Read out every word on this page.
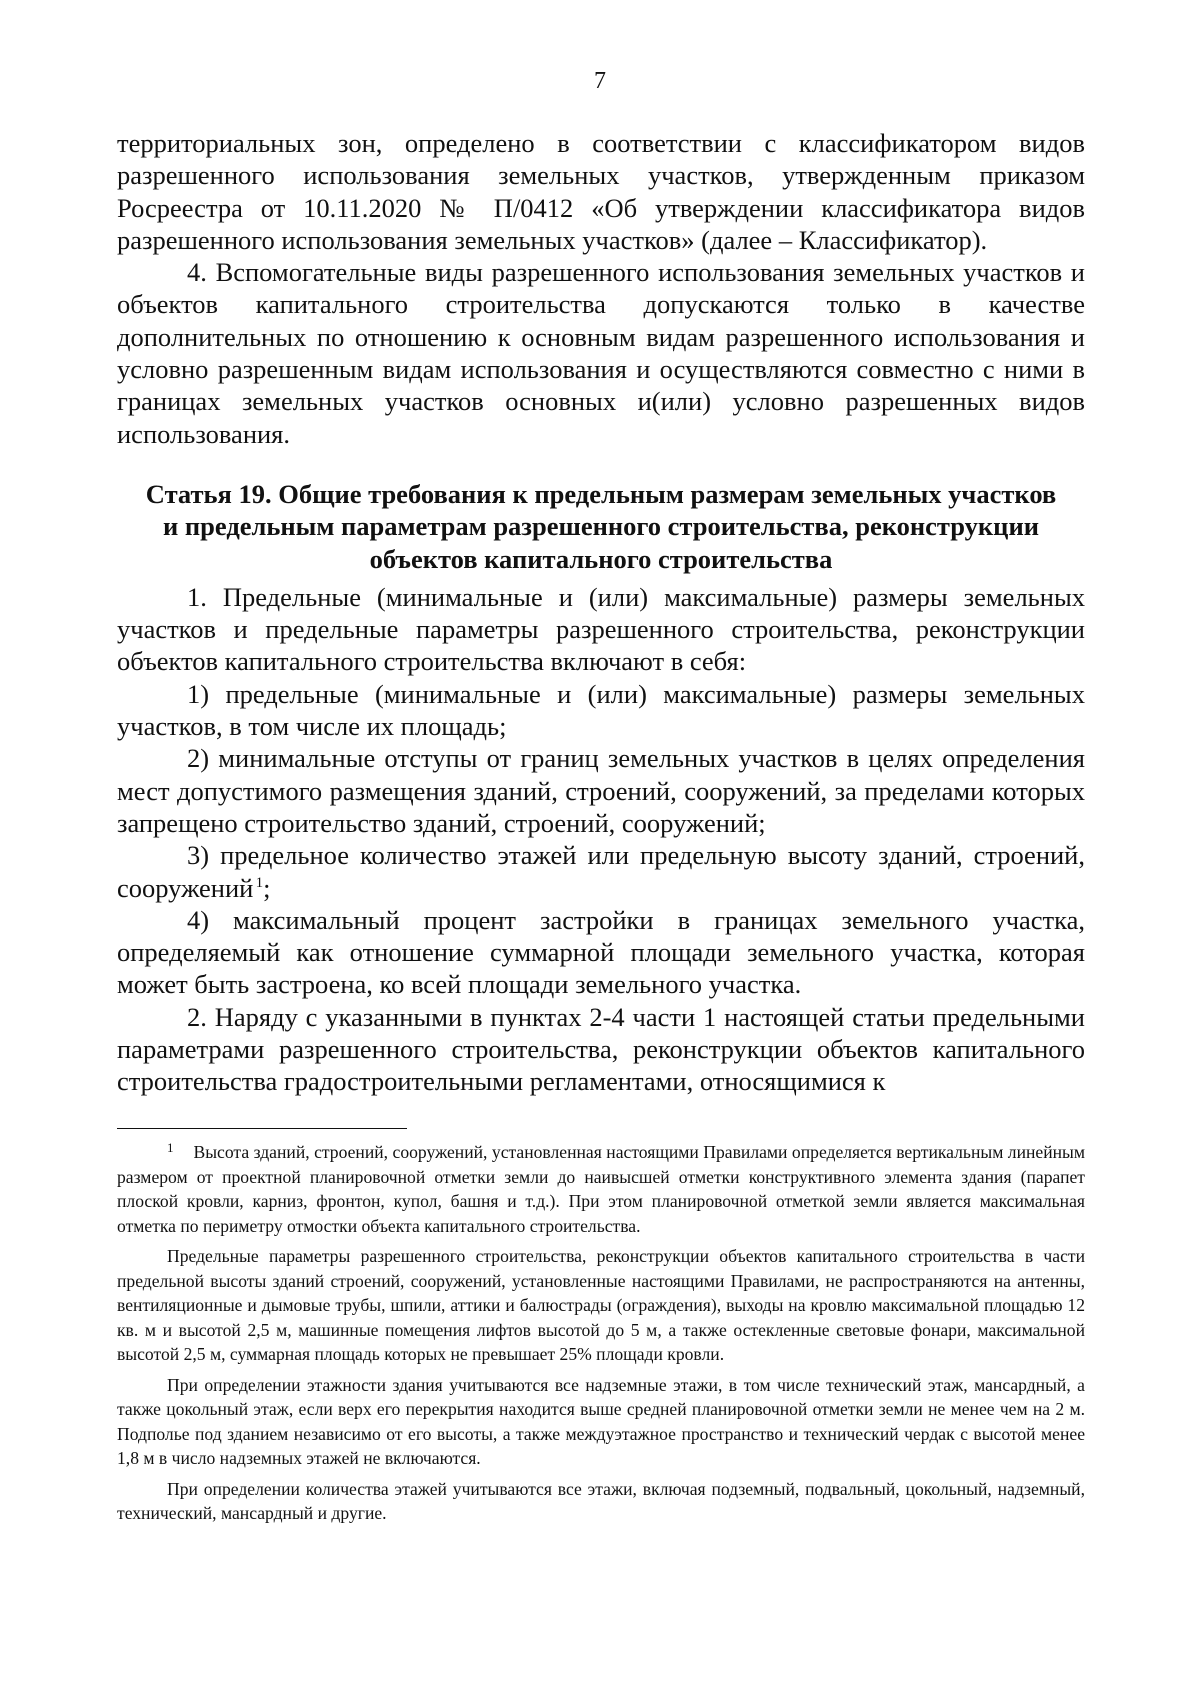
7

территориальных зон, определено в соответствии с классификатором видов разрешенного использования земельных участков, утвержденным приказом Росреестра от 10.11.2020 № П/0412 «Об утверждении классификатора видов разрешенного использования земельных участков» (далее – Классификатор).

4. Вспомогательные виды разрешенного использования земельных участков и объектов капитального строительства допускаются только в качестве дополнительных по отношению к основным видам разрешенного использования и условно разрешенным видам использования и осуществляются совместно с ними в границах земельных участков основных и(или) условно разрешенных видов использования.

Статья 19. Общие требования к предельным размерам земельных участков
и предельным параметрам разрешенного строительства, реконструкции
объектов капитального строительства

1. Предельные (минимальные и (или) максимальные) размеры земельных участков и предельные параметры разрешенного строительства, реконструкции объектов капитального строительства включают в себя:

1) предельные (минимальные и (или) максимальные) размеры земельных участков, в том числе их площадь;

2) минимальные отступы от границ земельных участков в целях определения мест допустимого размещения зданий, строений, сооружений, за пределами которых запрещено строительство зданий, строений, сооружений;

3) предельное количество этажей или предельную высоту зданий, строений, сооружений  $^1$;

4) максимальный процент застройки в границах земельного участка, определяемый как отношение суммарной площади земельного участка, которая может быть застроена, ко всей площади земельного участка.

2. Наряду с указанными в пунктах 2-4 части 1 настоящей статьи предельными параметрами разрешенного строительства, реконструкции объектов капитального строительства градостроительными регламентами, относящимися к

$^1$ Высота зданий, строений, сооружений, установленная настоящими Правилами определяется вертикальным линейным размером от проектной планировочной отметки земли до наивысшей отметки конструктивного элемента здания (парапет плоской кровли, карниз, фронтон, купол, башня и т.д.). При этом планировочной отметкой земли является максимальная отметка по периметру отмостки объекта капитального строительства.

Предельные параметры разрешенного строительства, реконструкции объектов капитального строительства в части предельной высоты зданий строений, сооружений, установленные настоящими Правилами, не распространяются на антенны, вентиляционные и дымовые трубы, шпили, аттики и балюстрады (ограждения), выходы на кровлю максимальной площадью 12 кв. м и высотой 2,5 м, машинные помещения лифтов высотой до 5 м, а также остекленные световые фонари, максимальной высотой 2,5 м, суммарная площадь которых не превышает 25% площади кровли.

При определении этажности здания учитываются все надземные этажи, в том числе технический этаж, мансардный, а также цокольный этаж, если верх его перекрытия находится выше средней планировочной отметки земли не менее чем на 2 м. Подполье под зданием независимо от его высоты, а также междуэтажное пространство и технический чердак с высотой менее 1,8 м в число надземных этажей не включаются.

При определении количества этажей учитываются все этажи, включая подземный, подвальный, цокольный, надземный, технический, мансардный и другие.
